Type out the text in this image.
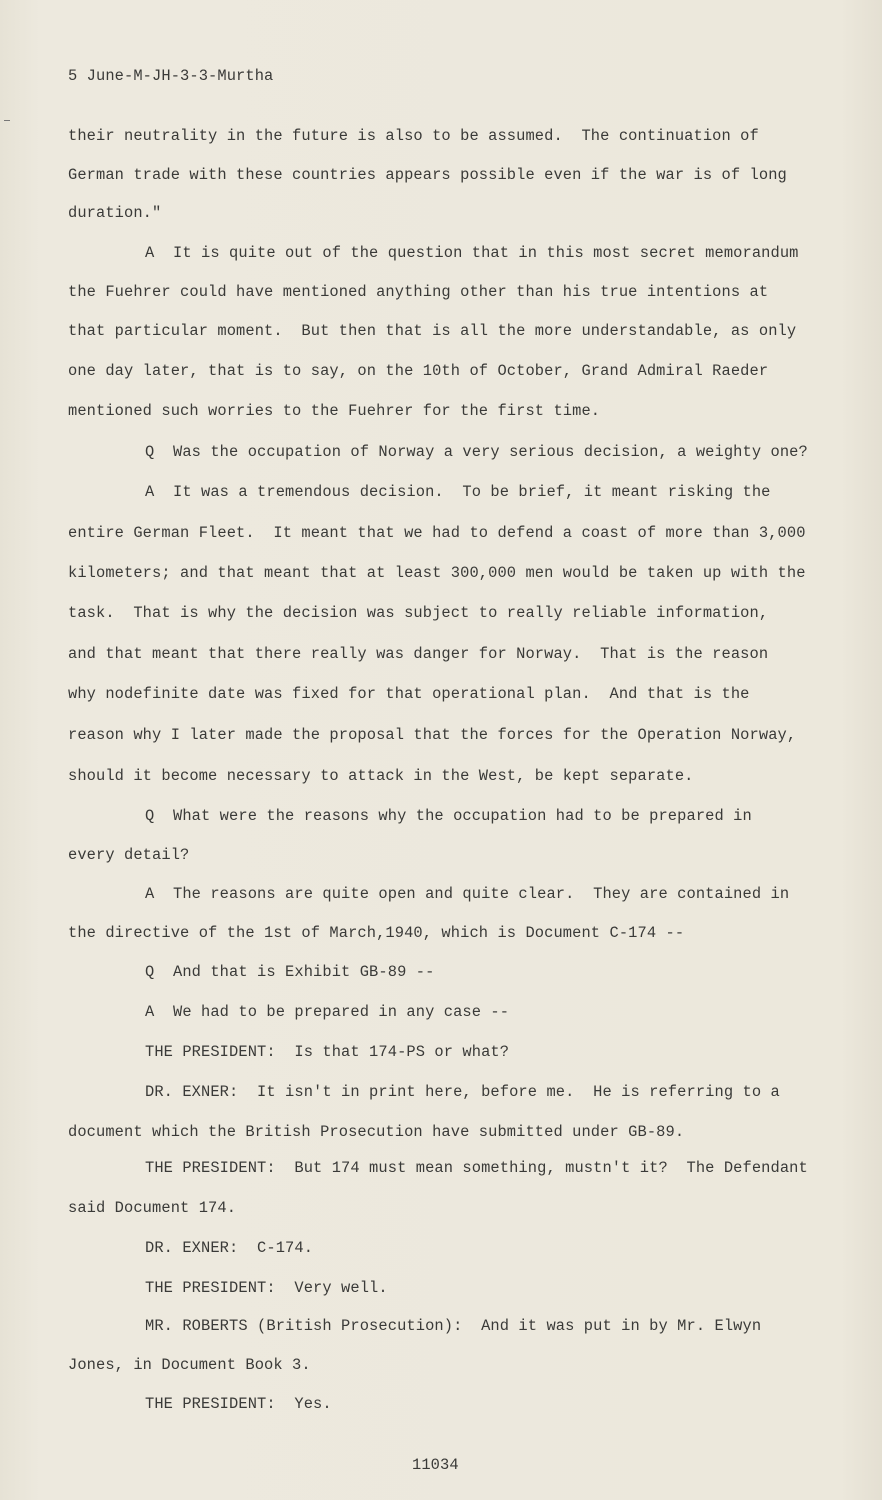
5 June-M-JH-3-3-Murtha
their neutrality in the future is also to be assumed.  The continuation of
German trade with these countries appears possible even if the war is of long
duration."
A  It is quite out of the question that in this most secret memorandum
the Fuehrer could have mentioned anything other than his true intentions at
that particular moment.  But then that is all the more understandable, as only
one day later, that is to say, on the 10th of October, Grand Admiral Raeder
mentioned such worries to the Fuehrer for the first time.
Q  Was the occupation of Norway a very serious decision, a weighty one?
A  It was a tremendous decision.  To be brief, it meant risking the
entire German Fleet.  It meant that we had to defend a coast of more than 3,000
kilometers; and that meant that at least 300,000 men would be taken up with the
task.  That is why the decision was subject to really reliable information,
and that meant that there really was danger for Norway.  That is the reason
why nodefinite date was fixed for that operational plan.  And that is the
reason why I later made the proposal that the forces for the Operation Norway,
should it become necessary to attack in the West, be kept separate.
Q  What were the reasons why the occupation had to be prepared in
every detail?
A  The reasons are quite open and quite clear.  They are contained in
the directive of the 1st of March,1940, which is Document C-174 --
Q  And that is Exhibit GB-89 --
A  We had to be prepared in any case --
THE PRESIDENT:  Is that 174-PS or what?
DR. EXNER:  It isn't in print here, before me.  He is referring to a
document which the British Prosecution have submitted under GB-89.
THE PRESIDENT:  But 174 must mean something, mustn't it?  The Defendant
said Document 174.
DR. EXNER:  C-174.
THE PRESIDENT:  Very well.
MR. ROBERTS (British Prosecution):  And it was put in by Mr. Elwyn
Jones, in Document Book 3.
THE PRESIDENT:  Yes.
11034
